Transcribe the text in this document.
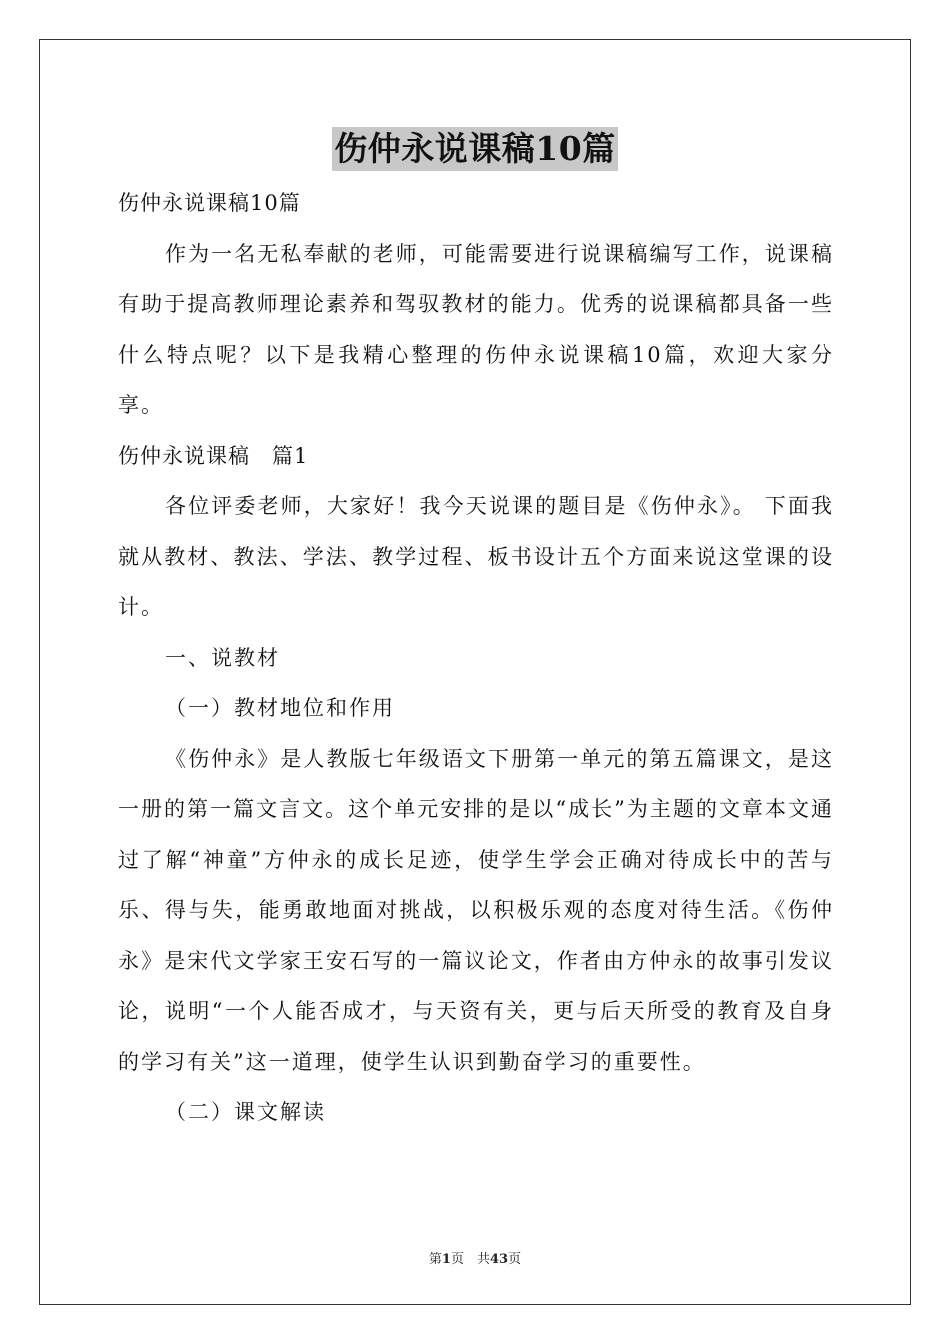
伤仲永说课稿10篇

伤仲永说课稿10篇

作为一名无私奉献的老师，可能需要进行说课稿编写工作，说课稿有助于提高教师理论素养和驾驭教材的能力。优秀的说课稿都具备一些什么特点呢？以下是我精心整理的伤仲永说课稿10篇，欢迎大家分享。

伤仲永说课稿　篇1

各位评委老师，大家好！我今天说课的题目是《伤仲永》。 下面我就从教材、教法、学法、教学过程、板书设计五个方面来说这堂课的设计。

一、说教材

（一）教材地位和作用

《伤仲永》是人教版七年级语文下册第一单元的第五篇课文，是这一册的第一篇文言文。这个单元安排的是以“成长”为主题的文章本文通过了解“神童”方仲永的成长足迹，使学生学会正确对待成长中的苦与乐、得与失，能勇敢地面对挑战，以积极乐观的态度对待生活。《伤仲永》是宋代文学家王安石写的一篇议论文，作者由方仲永的故事引发议论，说明“一个人能否成才，与天资有关，更与后天所受的教育及自身的学习有关”这一道理，使学生认识到勤奋学习的重要性。

（二）课文解读

第1页　共43页
